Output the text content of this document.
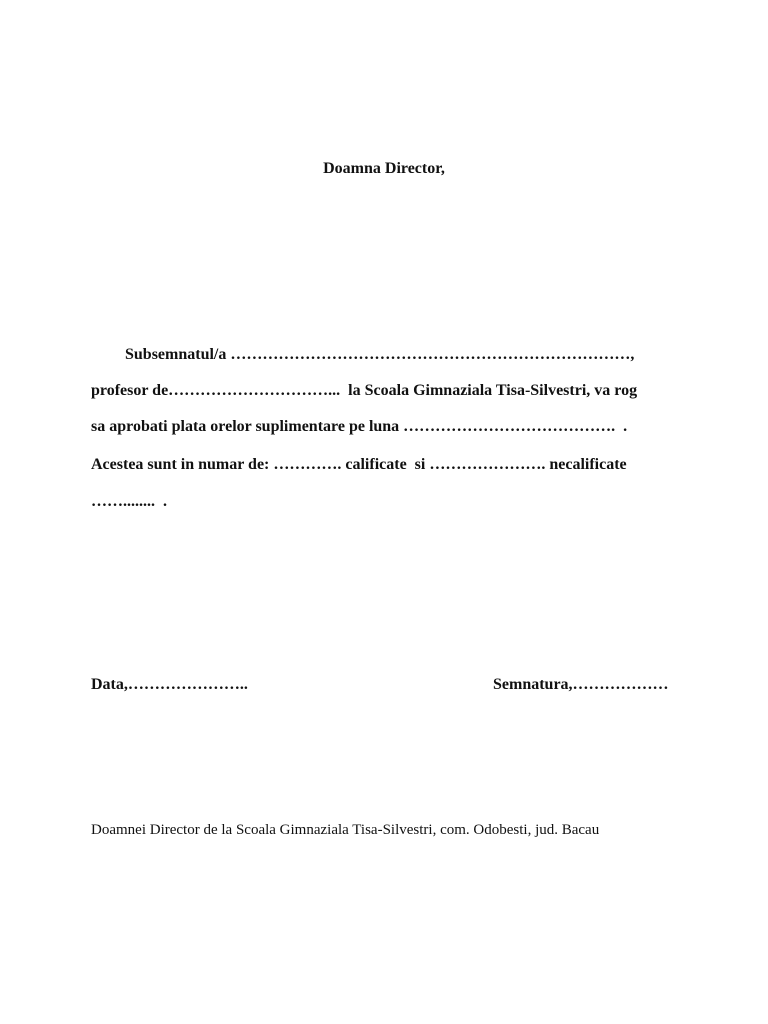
Doamna Director,
Subsemnatul/a …………………………………………………………………,
profesor de…………………………...  la Scoala Gimnaziala Tisa-Silvestri, va rog
sa aprobati plata orelor suplimentare pe luna ………………………………….  .
Acestea sunt in numar de: …………. calificate  si …………………. necalificate
……........  .
Data,…………………..	Semnatura,………………
Doamnei Director de la Scoala Gimnaziala Tisa-Silvestri, com. Odobesti, jud. Bacau
